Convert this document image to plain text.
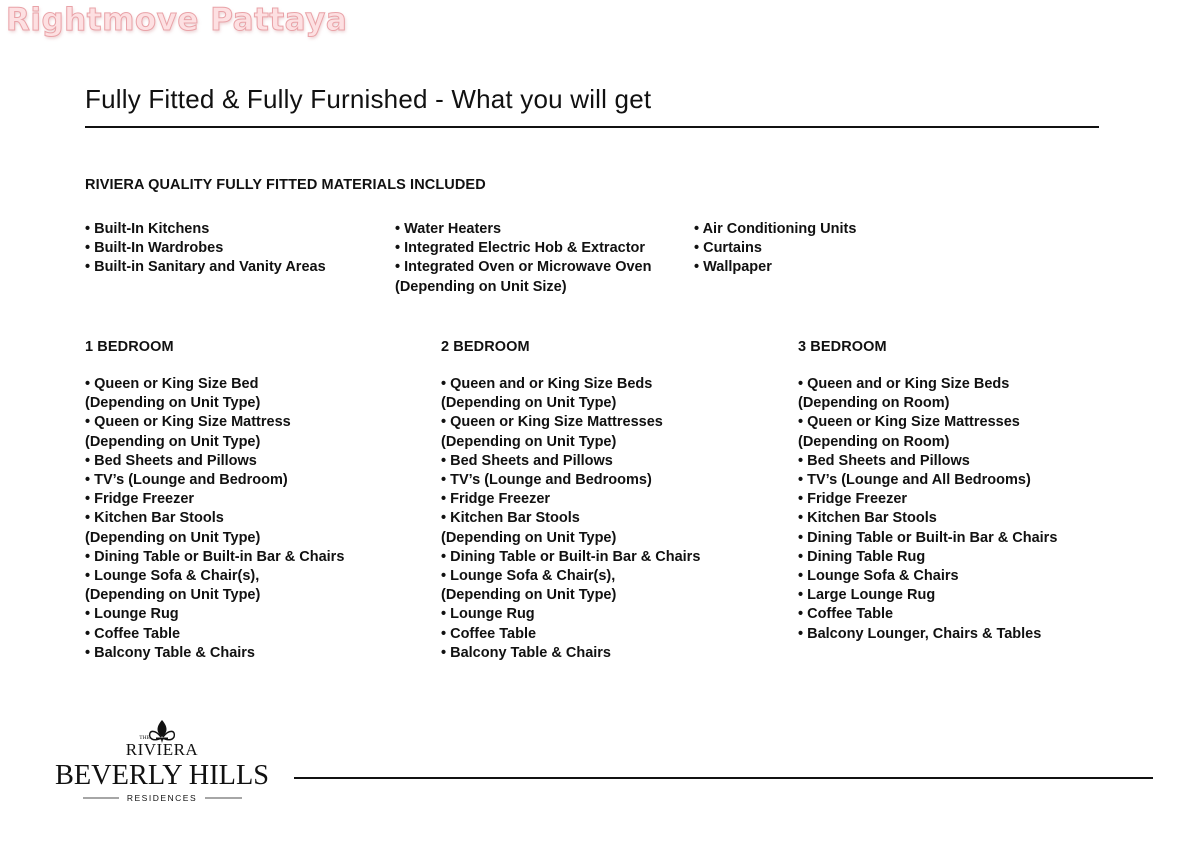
Rightmove Pattaya
Fully Fitted & Fully Furnished - What you will get
RIVIERA QUALITY FULLY FITTED MATERIALS INCLUDED
• Built-In Kitchens
• Built-In Wardrobes
• Built-in Sanitary and Vanity Areas
• Water Heaters
• Integrated Electric Hob & Extractor
• Integrated Oven or Microwave Oven
(Depending on Unit Size)
• Air Conditioning Units
• Curtains
• Wallpaper
1 BEDROOM	2 BEDROOM	3 BEDROOM
• Queen or King Size Bed
(Depending on Unit Type)
• Queen or King Size Mattress
(Depending on Unit Type)
• Bed Sheets and Pillows
• TV’s (Lounge and Bedroom)
• Fridge Freezer
• Kitchen Bar Stools
(Depending on Unit Type)
• Dining Table or Built-in Bar & Chairs
• Lounge Sofa & Chair(s),
(Depending on Unit Type)
• Lounge Rug
• Coffee Table
• Balcony Table & Chairs
• Queen and or King Size Beds
(Depending on Unit Type)
• Queen or King Size Mattresses
(Depending on Unit Type)
• Bed Sheets and Pillows
• TV’s (Lounge and Bedrooms)
• Fridge Freezer
• Kitchen Bar Stools
(Depending on Unit Type)
• Dining Table or Built-in Bar & Chairs
• Lounge Sofa & Chair(s),
(Depending on Unit Type)
• Lounge Rug
• Coffee Table
• Balcony Table & Chairs
• Queen and or King Size Beds
(Depending on Room)
• Queen or King Size Mattresses
(Depending on Room)
• Bed Sheets and Pillows
• TV’s (Lounge and All Bedrooms)
• Fridge Freezer
• Kitchen Bar Stools
• Dining Table or Built-in Bar & Chairs
• Dining Table Rug
• Lounge Sofa & Chairs
• Large Lounge Rug
• Coffee Table
• Balcony Lounger, Chairs & Tables
THE
RIVIERA
BEVERLY HILLS
RESIDENCES
